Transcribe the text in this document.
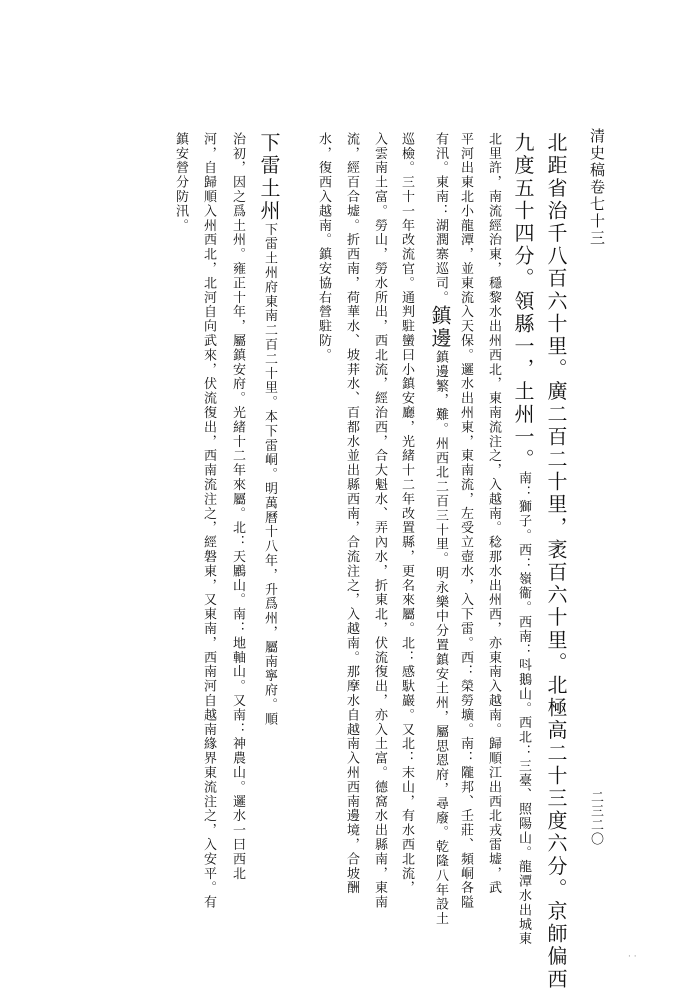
清史稿卷七十三
二三二〇
北距省治千八百六十里。廣二百二十里，袤百六十里。北極高二十三度六分。京師偏西
九度五十四分。領縣一，土州一。南：獅子。西：嶺衞。西南：呌鵝山。西北：三臺、照陽山。龍潭水出城東
北里許，南流經治東，穩黎水出州西北，東南流注之，入越南。稔那水出州西，亦東南入越南。歸順江出西北戎雷墟，武
平河出東北小龍潭，並東流入天保。邏水出州東，東南流，左受立壺水，入下雷。西：榮勞壙。南：隴邦、壬莊、頻峒各隘
有汛。東南：湖潤寨巡司。鎮邊鎮邊繁，難。州西北二百三十里。明永樂中分置鎮安土州，屬思恩府，尋廢。乾隆八年設土
巡檢。三十一年改流官。通判駐蠻曰小鎮安廳，光緒十二年改置縣，更名來屬。北：感馱巖。又北：末山，有水西北流，
入雲南土富。勞山，勞水所出，西北流，經治西，合大魁水、弄內水，折東北，伏流復出，亦入土富。德窩水出縣南，東南
流，經百合墟。折西南，荷華水、坡荓水、百都水並出縣西南，合流注之，入越南。那摩水自越南入州西南邊境，合坡酬
水，復西入越南。鎮安協右營駐防。
下雷土州下雷土州府東南二百二十里。本下雷峒。明萬曆十八年，升爲州，屬南寧府。順
治初，因之爲土州。雍正十年，屬鎮安府。光緒十二年來屬。北：天鷵山。南：地軸山。又南：神農山。邏水一曰西北
河，自歸順入州西北，北河自向武來，伏流復出，西南流注之，經磐東，又東南，西南河自越南緣界東流注之，入安平。有
鎮安營分防汛。
· ·
